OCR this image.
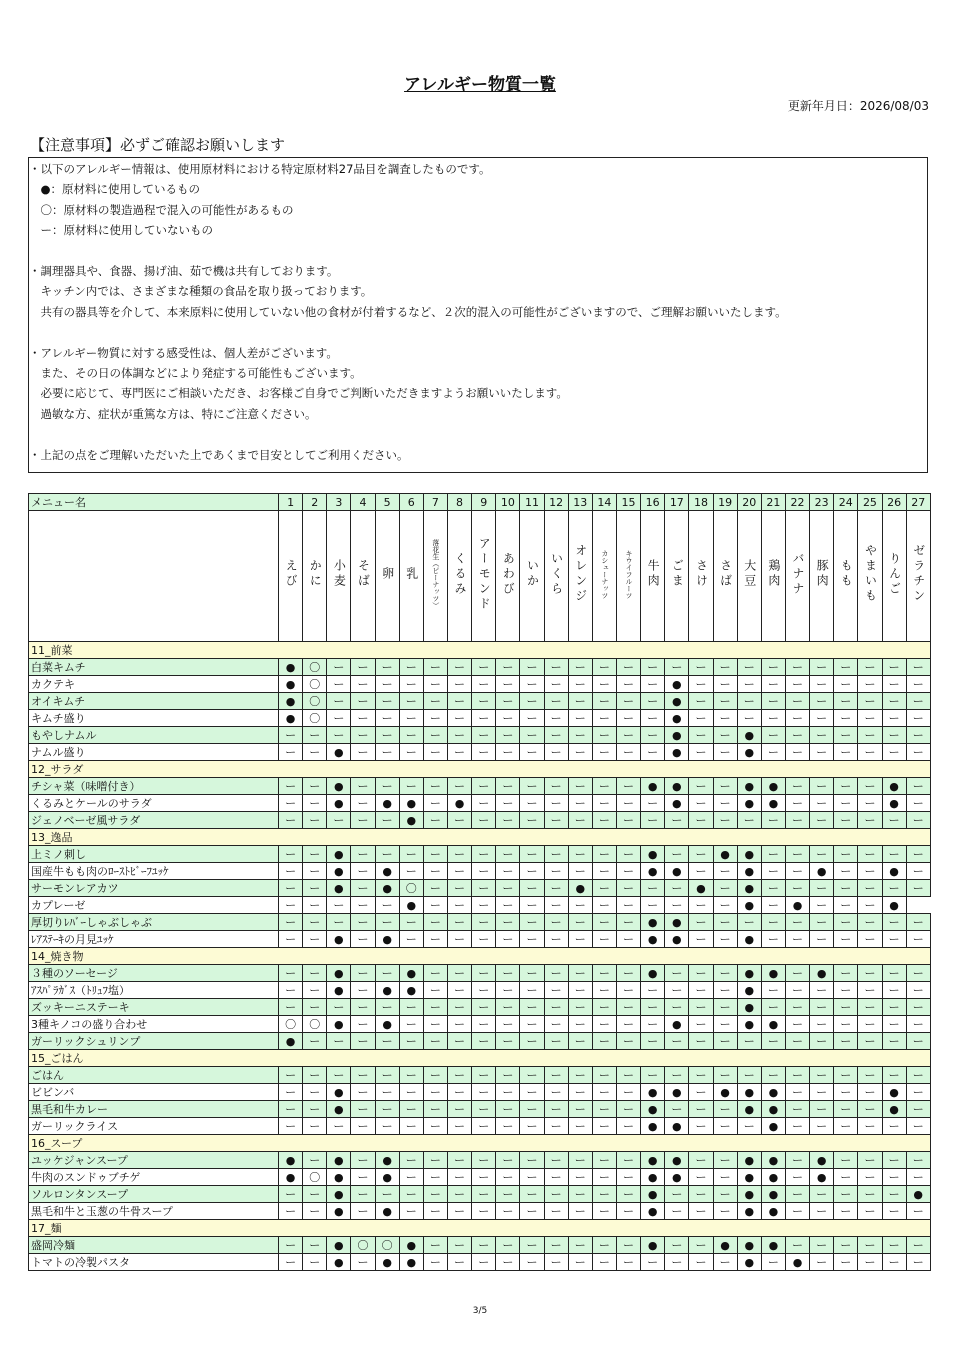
アレルギー物質一覧
更新年月日：2026/08/03
【注意事項】必ずご確認お願いします
・以下のアレルギー情報は、使用原材料における特定原材料27品目を調査したものです。
　●：原材料に使用しているもの
　〇：原材料の製造過程で混入の可能性があるもの
　ー：原材料に使用していないもの
・調理器具や、食器、揚げ油、茹で機は共有しております。
　キッチン内では、さまざまな種類の食品を取り扱っております。
　共有の器具等を介して、本来原料に使用していない他の食材が付着するなど、２次的混入の可能性がございますので、ご理解お願いいたします。
・アレルギー物質に対する感受性は、個人差がございます。
　また、その日の体調などにより発症する可能性もございます。
　必要に応じて、専門医にご相談いただき、お客様ご自身でご判断いただきますようお願いいたします。
　過敏な方、症状が重篤な方は、特にご注意ください。
・上記の点をご理解いただいた上であくまで目安としてご利用ください。
メニュー名	1	2	3	4	5	6	7	8	9	10	11	12	13	14	15	16	17	18	19	20	21	22	23	24	25	26	27
	えび	かに	小麦	そば	卵	乳	落花生（ピーナッツ）	くるみ	アーモンド	あわび	いか	いくら	オレンジ	カシューナッツ	キウイフルーツ	牛肉	ごま	さけ	さば	大豆	鶏肉	バナナ	豚肉	もも	やまいも	りんご	ゼラチン
11_前菜																											
白菜キムチ	●	〇	ー	ー	ー	ー	ー	ー	ー	ー	ー	ー	ー	ー	ー	ー	ー	ー	ー	ー	ー	ー	ー	ー	ー	ー	ー
カクテキ	●	〇	ー	ー	ー	ー	ー	ー	ー	ー	ー	ー	ー	ー	ー	ー	●	ー	ー	ー	ー	ー	ー	ー	ー	ー	ー
オイキムチ	●	〇	ー	ー	ー	ー	ー	ー	ー	ー	ー	ー	ー	ー	ー	ー	●	ー	ー	ー	ー	ー	ー	ー	ー	ー	ー
キムチ盛り	●	〇	ー	ー	ー	ー	ー	ー	ー	ー	ー	ー	ー	ー	ー	ー	●	ー	ー	ー	ー	ー	ー	ー	ー	ー	ー
もやしナムル	ー	ー	ー	ー	ー	ー	ー	ー	ー	ー	ー	ー	ー	ー	ー	ー	●	ー	ー	●	ー	ー	ー	ー	ー	ー	ー
ナムル盛り	ー	ー	●	ー	ー	ー	ー	ー	ー	ー	ー	ー	ー	ー	ー	ー	●	ー	ー	●	ー	ー	ー	ー	ー	ー	ー
12_サラダ																											
チシャ菜（味噌付き）	ー	ー	●	ー	ー	ー	ー	ー	ー	ー	ー	ー	ー	ー	ー	●	●	ー	ー	●	●	ー	ー	ー	ー	●	ー
くるみとケールのサラダ	ー	ー	●	ー	●	●	ー	●	ー	ー	ー	ー	ー	ー	ー	ー	●	ー	ー	●	●	ー	ー	ー	ー	●	ー
ジェノベーゼ風サラダ	ー	ー	ー	ー	ー	●	ー	ー	ー	ー	ー	ー	ー	ー	ー	ー	ー	ー	ー	ー	ー	ー	ー	ー	ー	ー	ー
13_逸品																											
上ミノ刺し	ー	ー	●	ー	ー	ー	ー	ー	ー	ー	ー	ー	ー	ー	ー	●	ー	ー	●	●	ー	ー	ー	ー	ー	ー	ー
国産牛もも肉のﾛｰｽﾄﾋﾞｰﾌﾕｯｹ	ー	ー	●	ー	●	ー	ー	ー	ー	ー	ー	ー	ー	ー	ー	●	●	ー	ー	●	ー	ー	●	ー	ー	●	ー
サーモンレアカツ	ー	ー	●	ー	●	〇	ー	ー	ー	ー	ー	ー	●	ー	ー	ー	ー	●	ー	●	ー	ー	ー	ー	ー	ー	ー
カプレーゼ	ー	ー	ー	ー	ー	●	ー	ー	ー	ー	ー	ー	ー	ー	ー	ー	ー	ー	ー	●	ー	●	ー	ー	ー	●	
厚切りﾚﾊﾞｰしゃぶしゃぶ	ー	ー	ー	ー	ー	ー	ー	ー	ー	ー	ー	ー	ー	ー	ー	●	●	ー	ー	ー	ー	ー	ー	ー	ー	ー	ー
ﾚｱｽﾃｰｷの月見ﾕｯｹ	ー	ー	●	ー	●	ー	ー	ー	ー	ー	ー	ー	ー	ー	ー	●	●	ー	ー	●	ー	ー	ー	ー	ー	ー	ー
14_焼き物																											
３種のソーセージ	ー	ー	●	ー	ー	●	ー	ー	ー	ー	ー	ー	ー	ー	ー	●	ー	ー	ー	●	●	ー	●	ー	ー	ー	ー
ｱｽﾊﾟﾗｶﾞｽ（ﾄﾘｭﾌ塩）	ー	ー	●	ー	●	●	ー	ー	ー	ー	ー	ー	ー	ー	ー	ー	ー	ー	ー	●	ー	ー	ー	ー	ー	ー	ー
ズッキーニステーキ	ー	ー	ー	ー	ー	ー	ー	ー	ー	ー	ー	ー	ー	ー	ー	ー	ー	ー	ー	●	ー	ー	ー	ー	ー	ー	ー
3種キノコの盛り合わせ	〇	〇	●	ー	●	ー	ー	ー	ー	ー	ー	ー	ー	ー	ー	ー	●	ー	ー	●	●	ー	ー	ー	ー	ー	ー
ガーリックシュリンプ	●	ー	ー	ー	ー	ー	ー	ー	ー	ー	ー	ー	ー	ー	ー	ー	ー	ー	ー	ー	ー	ー	ー	ー	ー	ー	ー
15_ごはん																											
ごはん	ー	ー	ー	ー	ー	ー	ー	ー	ー	ー	ー	ー	ー	ー	ー	ー	ー	ー	ー	ー	ー	ー	ー	ー	ー	ー	ー
ビビンバ	ー	ー	●	ー	ー	ー	ー	ー	ー	ー	ー	ー	ー	ー	ー	●	●	ー	●	●	●	ー	ー	ー	ー	●	ー
黒毛和牛カレー	ー	ー	●	ー	ー	ー	ー	ー	ー	ー	ー	ー	ー	ー	ー	●	ー	ー	ー	●	●	ー	ー	ー	ー	●	ー
ガーリックライス	ー	ー	ー	ー	ー	ー	ー	ー	ー	ー	ー	ー	ー	ー	ー	●	●	ー	ー	ー	●	ー	ー	ー	ー	ー	ー
16_スープ																											
ユッケジャンスープ	●	ー	●	ー	●	ー	ー	ー	ー	ー	ー	ー	ー	ー	ー	●	●	ー	ー	●	●	ー	●	ー	ー	ー	ー
牛肉のスンドゥブチゲ	●	〇	●	ー	●	ー	ー	ー	ー	ー	ー	ー	ー	ー	ー	●	●	ー	ー	●	●	ー	●	ー	ー	ー	ー
ソルロンタンスープ	ー	ー	●	ー	ー	ー	ー	ー	ー	ー	ー	ー	ー	ー	ー	●	ー	ー	ー	●	●	ー	ー	ー	ー	ー	●
黒毛和牛と玉葱の牛骨スープ	ー	ー	●	ー	●	ー	ー	ー	ー	ー	ー	ー	ー	ー	ー	●	ー	ー	ー	●	●	ー	ー	ー	ー	ー	ー
17_麺																											
盛岡冷麺	ー	ー	●	〇	〇	●	ー	ー	ー	ー	ー	ー	ー	ー	ー	●	ー	ー	●	●	●	ー	ー	ー	ー	ー	ー
トマトの冷製パスタ	ー	ー	●	ー	●	●	ー	ー	ー	ー	ー	ー	ー	ー	ー	ー	ー	ー	ー	●	ー	●	ー	ー	ー	ー	ー
3/5
